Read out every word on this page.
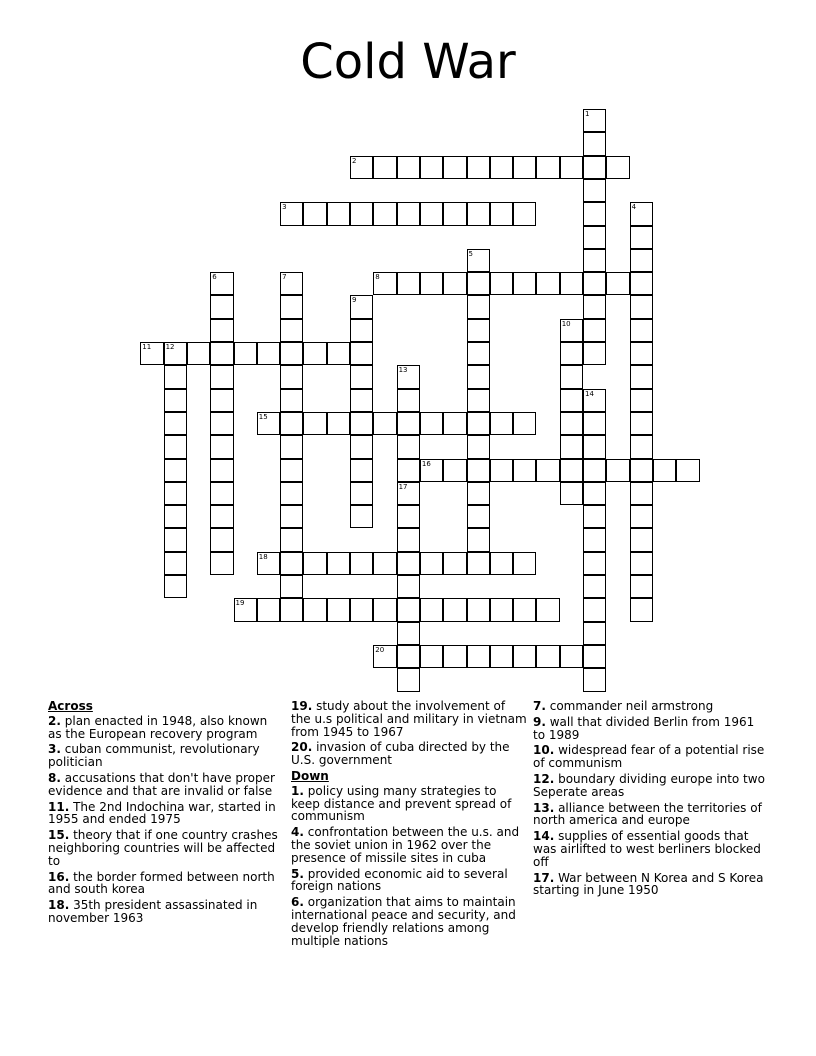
Cold War
1
2
3	4
5
6	7	8
9
10
11 12
13
17
14
15
16
18
19
20
Across
2. plan enacted in 1948, also known as the European recovery program
3. cuban communist, revolutionary politician
8. accusations that don't have proper evidence and that are invalid or false
11. The 2nd Indochina war, started in 1955 and ended 1975
15. theory that if one country crashes neighboring countries will be affected to
16. the border formed between north and south korea
18. 35th president assassinated in november 1963
19. study about the involvement of the u.s political and military in vietnam from 1945 to 1967
20. invasion of cuba directed by the U.S. government
Down
1. policy using many strategies to keep distance and prevent spread of communism
4. confrontation between the u.s. and the soviet union in 1962 over the presence of missile sites in cuba
5. provided economic aid to several foreign nations
6. organization that aims to maintain international peace and security, and develop friendly relations among multiple nations
7. commander neil armstrong
9. wall that divided Berlin from 1961 to 1989
10. widespread fear of a potential rise of communism
12. boundary dividing europe into two Seperate areas
13. alliance between the territories of north america and europe
14. supplies of essential goods that was airlifted to west berliners blocked off
17. War between N Korea and S Korea starting in June 1950
